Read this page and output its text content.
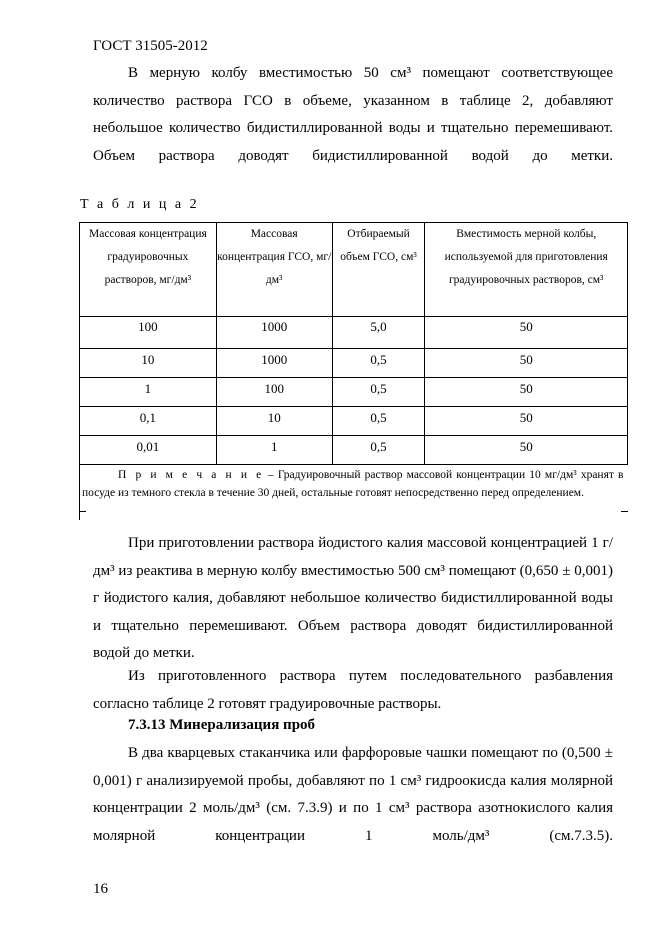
ГОСТ 31505-2012
В мерную колбу вместимостью 50 см³ помещают соответствующее количество раствора ГСО в объеме, указанном в таблице 2, добавляют небольшое количество бидистиллированной воды и тщательно перемешивают. Объем раствора доводят бидистиллированной водой до метки.
Т а б л и ц а 2
Массовая концентрация градуировочных растворов, мг/дм³	Массовая концентрация ГСО, мг/дм³	Отбираемый объем ГСО, см³	Вместимость мерной колбы, используемой для приготовления градуировочных растворов, см³
100	1000	5,0	50
10	1000	0,5	50
1	100	0,5	50
0,1	10	0,5	50
0,01	1	0,5	50
П р и м е ч а н и е – Градуировочный раствор массовой концентрации 10 мг/дм³ хранят в посуде из темного стекла в течение 30 дней, остальные готовят непосредственно перед определением.			
При приготовлении раствора йодистого калия массовой концентрацией 1 г/дм³ из реактива в мерную колбу вместимостью 500 см³ помещают (0,650 ± 0,001) г йодистого калия, добавляют небольшое количество бидистиллированной воды и тщательно перемешивают. Объем раствора доводят бидистиллированной водой до метки.
Из приготовленного раствора путем последовательного разбавления согласно таблице 2 готовят градуировочные растворы.
7.3.13 Минерализация проб
В два кварцевых стаканчика или фарфоровые чашки помещают по (0,500 ± 0,001) г анализируемой пробы, добавляют по 1 см³ гидроокисда калия молярной концентрации 2 моль/дм³ (см. 7.3.9) и по 1 см³ раствора азотнокислого калия молярной концентрации 1 моль/дм³ (см.7.3.5).
16
